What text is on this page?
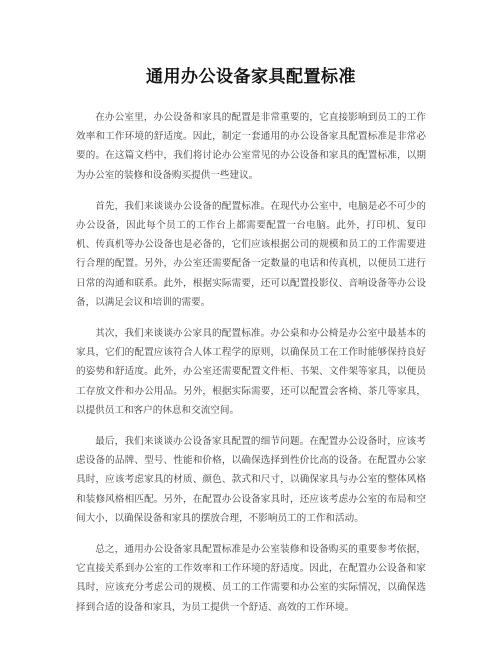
通用办公设备家具配置标准

在办公室里，办公设备和家具的配置是非常重要的，它直接影响到员工的工作效率和工作环境的舒适度。因此，制定一套通用的办公设备家具配置标准是非常必要的。在这篇文档中，我们将讨论办公室常见的办公设备和家具的配置标准，以期为办公室的装修和设备购买提供一些建议。

首先，我们来谈谈办公设备的配置标准。在现代办公室中，电脑是必不可少的办公设备，因此每个员工的工作台上都需要配置一台电脑。此外，打印机、复印机、传真机等办公设备也是必备的，它们应该根据公司的规模和员工的工作需要进行合理的配置。另外，办公室还需要配备一定数量的电话和传真机，以便员工进行日常的沟通和联系。此外，根据实际需要，还可以配置投影仪、音响设备等办公设备，以满足会议和培训的需要。

其次，我们来谈谈办公家具的配置标准。办公桌和办公椅是办公室中最基本的家具，它们的配置应该符合人体工程学的原则，以确保员工在工作时能够保持良好的姿势和舒适度。此外，办公室还需要配置文件柜、书架、文件架等家具，以便员工存放文件和办公用品。另外，根据实际需要，还可以配置会客椅、茶几等家具，以提供员工和客户的休息和交流空间。

最后，我们来谈谈办公设备家具配置的细节问题。在配置办公设备时，应该考虑设备的品牌、型号、性能和价格，以确保选择到性价比高的设备。在配置办公家具时，应该考虑家具的材质、颜色、款式和尺寸，以确保家具与办公室的整体风格和装修风格相匹配。另外，在配置办公设备家具时，还应该考虑办公室的布局和空间大小，以确保设备和家具的摆放合理，不影响员工的工作和活动。

总之，通用办公设备家具配置标准是办公室装修和设备购买的重要参考依据，它直接关系到办公室的工作效率和工作环境的舒适度。因此，在配置办公设备和家具时，应该充分考虑公司的规模、员工的工作需要和办公室的实际情况，以确保选择到合适的设备和家具，为员工提供一个舒适、高效的工作环境。
